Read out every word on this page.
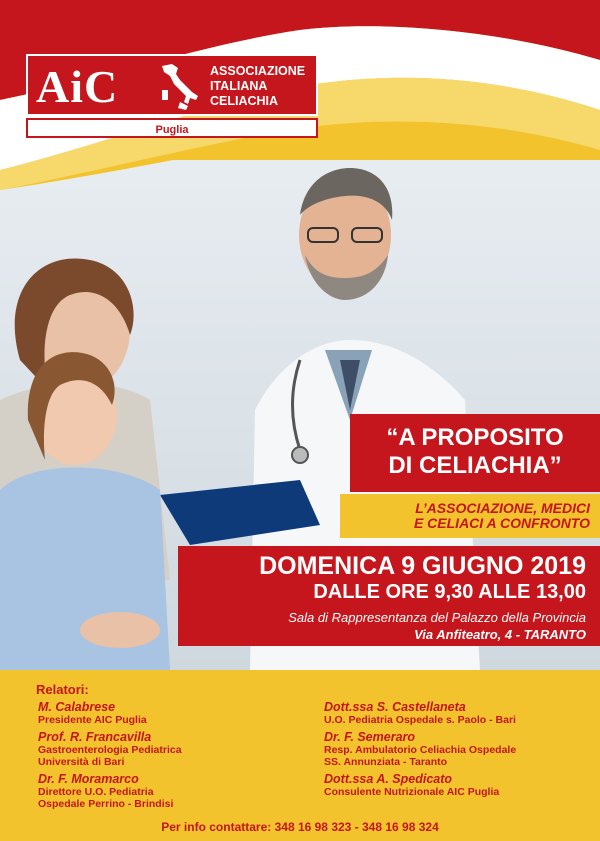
AiC	ASSOCIAZIONE
ITALIANA
CELIACHIA
Puglia
“A PROPOSITO
DI CELIACHIA”
L’ASSOCIAZIONE, MEDICI
E CELIACI A CONFRONTO
DOMENICA 9 GIUGNO 2019
DALLE ORE 9,30 ALLE 13,00
Sala di Rappresentanza del Palazzo della Provincia
Via Anfiteatro, 4 - TARANTO
Relatori:
M. Calabrese
Presidente AIC Puglia
Prof. R. Francavilla
Gastroenterologia Pediatrica
Università di Bari
Dr. F. Moramarco
Direttore U.O. Pediatria
Ospedale Perrino - Brindisi
Dott.ssa S. Castellaneta
U.O. Pediatria Ospedale s. Paolo - Bari
Dr. F. Semeraro
Resp. Ambulatorio Celiachia Ospedale
SS. Annunziata - Taranto
Dott.ssa A. Spedicato
Consulente Nutrizionale AIC Puglia
Per info contattare: 348 16 98 323 - 348 16 98 324
